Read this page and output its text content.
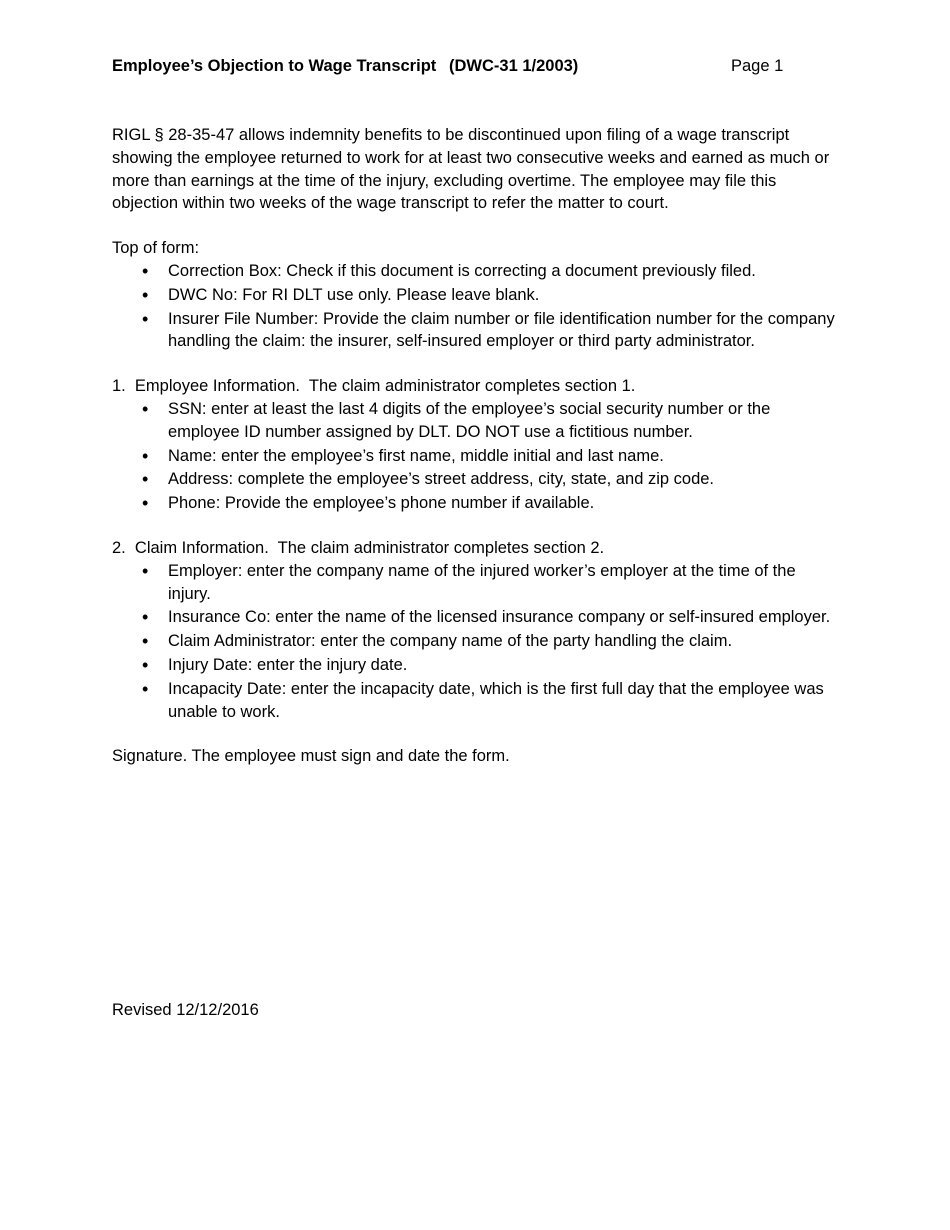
Employee’s Objection to Wage Transcript (DWC-31 1/2003)	Page 1

RIGL § 28-35-47 allows indemnity benefits to be discontinued upon filing of a wage transcript showing the employee returned to work for at least two consecutive weeks and earned as much or more than earnings at the time of the injury, excluding overtime. The employee may file this objection within two weeks of the wage transcript to refer the matter to court.

Top of form:

• Correction Box: Check if this document is correcting a document previously filed.
• DWC No: For RI DLT use only. Please leave blank.
• Insurer File Number: Provide the claim number or file identification number for the company handling the claim: the insurer, self-insured employer or third party administrator.

1.  Employee Information.  The claim administrator completes section 1.

• SSN: enter at least the last 4 digits of the employee’s social security number or the employee ID number assigned by DLT. DO NOT use a fictitious number.
• Name: enter the employee’s first name, middle initial and last name.
• Address: complete the employee’s street address, city, state, and zip code.
• Phone: Provide the employee’s phone number if available.

2.  Claim Information.  The claim administrator completes section 2.

• Employer: enter the company name of the injured worker’s employer at the time of the injury.
• Insurance Co: enter the name of the licensed insurance company or self-insured employer.
• Claim Administrator: enter the company name of the party handling the claim.
• Injury Date: enter the injury date.
• Incapacity Date: enter the incapacity date, which is the first full day that the employee was unable to work.

Signature. The employee must sign and date the form.

Revised 12/12/2016
